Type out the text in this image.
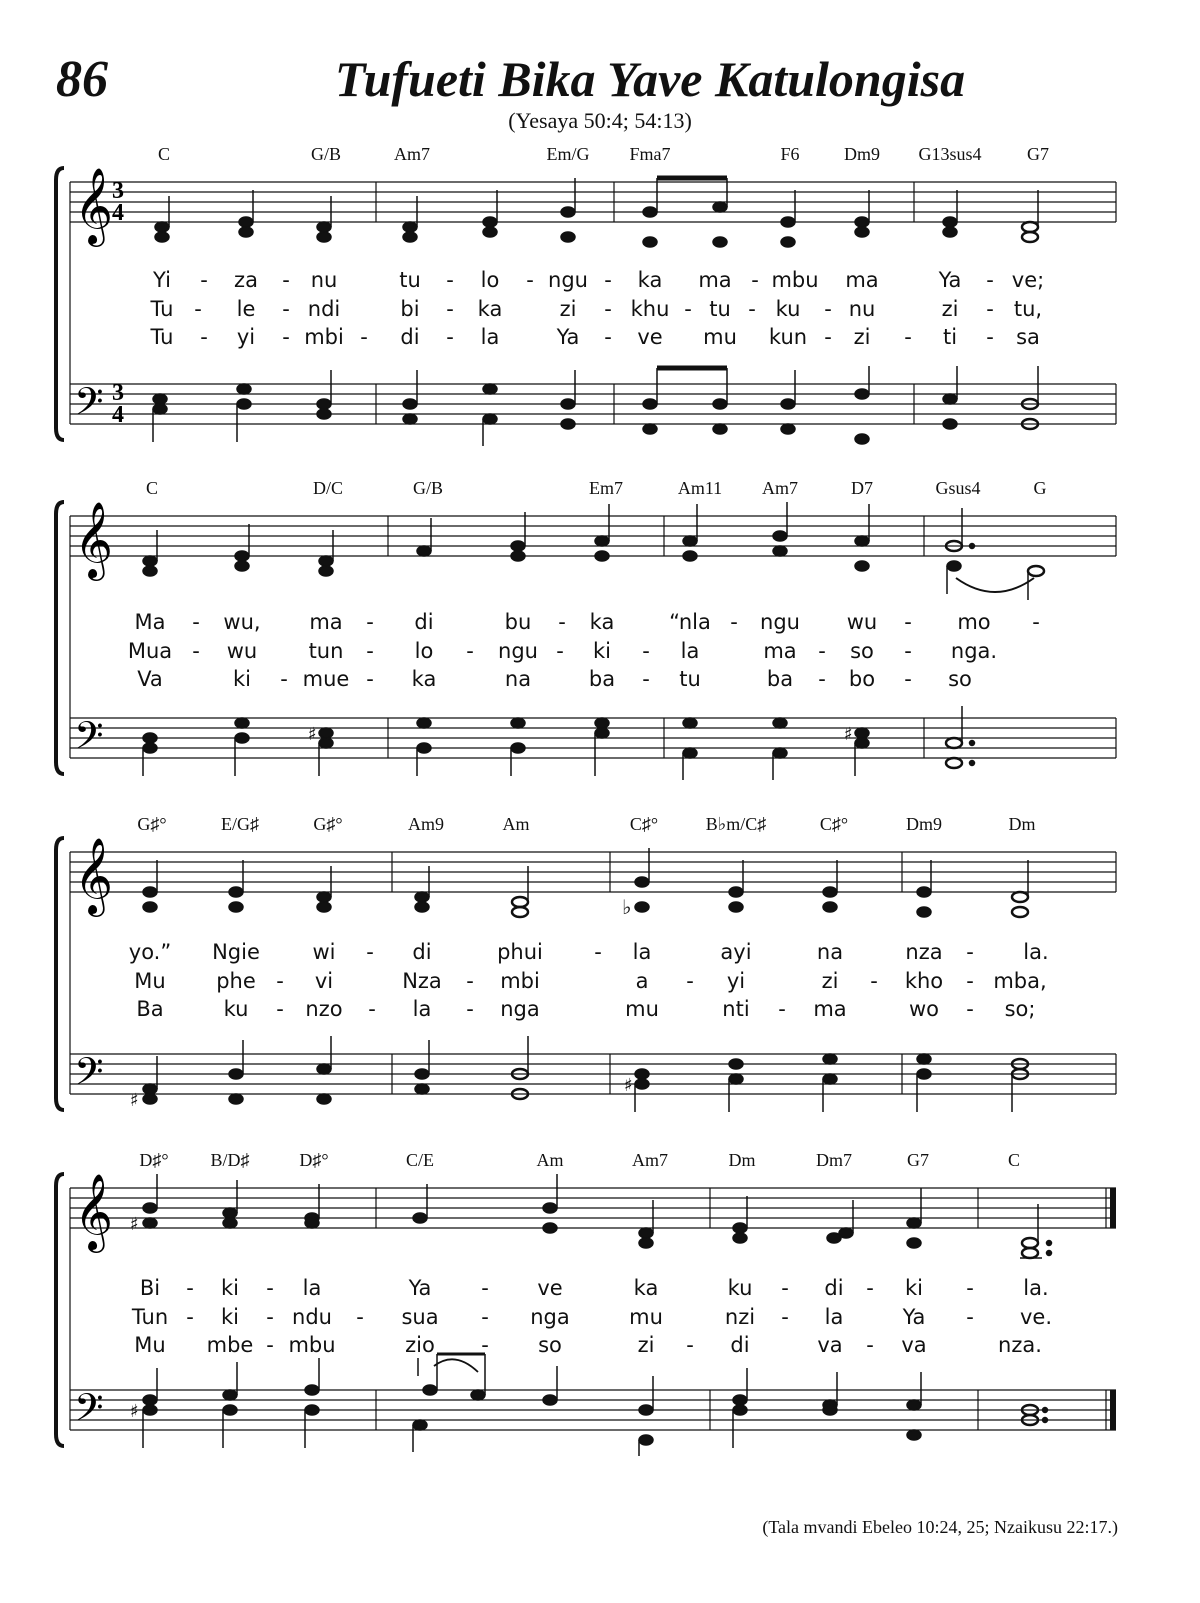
86	Tufueti Bika Yave Katulongisa
(Yesaya 50:4; 54:13)
𝄞
𝄢
3
4
3
4
C	G/B	Am7	Em/G Fma7	F6 Dm9 G13sus4	G7
Yi - za - nu	tu - lo - ngu - ka ma - mbu ma	Ya - ve;
Tu - le - ndi	bi - ka	zi - khu - tu - ku - nu	zi - tu,
Tu - yi - mbi - di - la	Ya - ve mu kun - zi - ti - sa
𝄞
𝄢	♯	♯
C	D/C	G/B	Em7	Am11 Am7	D7	Gsus4	G
Ma - wu, ma - di	bu - ka	“nla - ngu wu - mo -
Mua - wu tun - lo - ngu - ki - la	ma - so - nga.
Va	ki - mue - ka	na	ba - tu	ba - bo - so
𝄞
𝄢
♭
♯
♯
G♯°	E/G♯	G♯°	Am9	Am	C♯°	B♭m/C♯	C♯°	Dm9	Dm
yo.” Ngie	wi - di	phui - la	ayi	na	nza - la.
Mu phe - vi	Nza - mbi	a - yi	zi - kho - mba,
Ba	ku - nzo - la - nga	mu	nti - ma	wo - so;
𝄞
𝄢
♯
♯
D♯° B/D♯	D♯°	C/E	Am	Am7	Dm	Dm7	G7	C
Bi - ki - la	Ya - ve	ka	ku - di - ki - la.
Tun - ki - ndu - sua - nga	mu	nzi - la	Ya - ve.
Mu mbe - mbu	zio - so	zi - di	va - va	nza.
(Tala mvandi Ebeleo 10:24, 25; Nzaikusu 22:17.)
